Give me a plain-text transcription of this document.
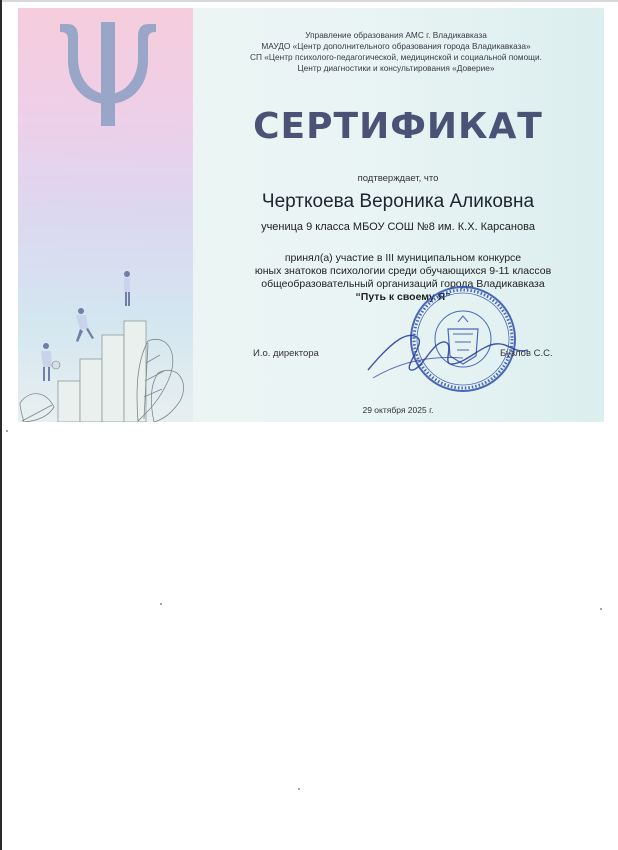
Управление образования АМС г. Владикавказа
МАУДО «Центр дополнительного образования города Владикавказа»
СП «Центр психолого-педагогической, медицинской и социальной помощи.
Центр диагностики и консультирования «Доверие»
СЕРТИФИКАТ
подтверждает, что
Черткоева Вероника Аликовна
ученица 9 класса МБОУ СОШ №8 им. К.Х. Карсанова
принял(а) участие в III муниципальном конкурсе
юных знатоков психологии среди обучающихся 9-11 классов
общеобразовательный организаций города Владикавказа
“Путь к своему Я”
И.о. директора	Бузлов С.С.
29 октября 2025 г.
